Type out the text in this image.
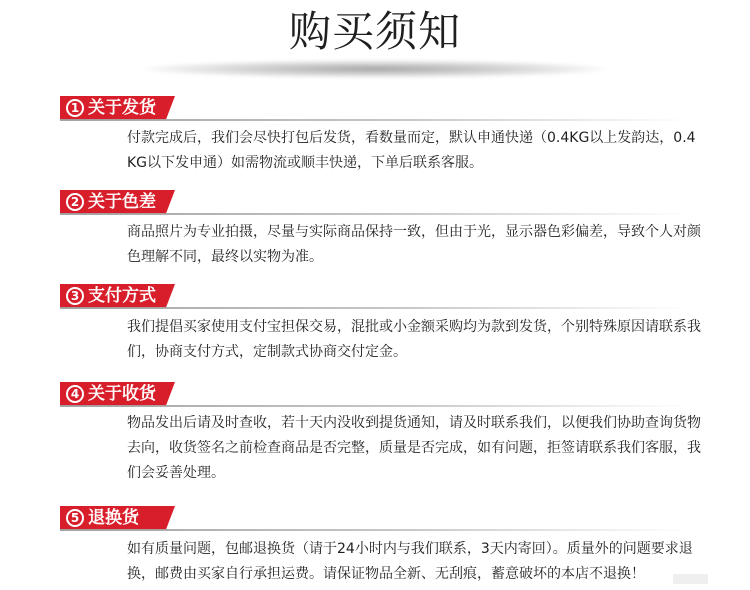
购买须知
1 关于发货
付款完成后，我们会尽快打包后发货，看数量而定，默认申通快递（0.4KG以上发韵达，0.4KG以下发申通）如需物流或顺丰快递，下单后联系客服。
2 关于色差
商品照片为专业拍摄，尽量与实际商品保持一致，但由于光，显示器色彩偏差，导致个人对颜色理解不同，最终以实物为准。
3 支付方式
我们提倡买家使用支付宝担保交易，混批或小金额采购均为款到发货，个别特殊原因请联系我们，协商支付方式，定制款式协商交付定金。
4 关于收货
物品发出后请及时查收，若十天内没收到提货通知，请及时联系我们，以便我们协助查询货物去向，收货签名之前检查商品是否完整，质量是否完成，如有问题，拒签请联系我们客服，我们会妥善处理。
5 退换货
如有质量问题，包邮退换货（请于24小时内与我们联系，3天内寄回）。质量外的问题要求退换，邮费由买家自行承担运费。请保证物品全新、无刮痕，蓄意破坏的本店不退换！
